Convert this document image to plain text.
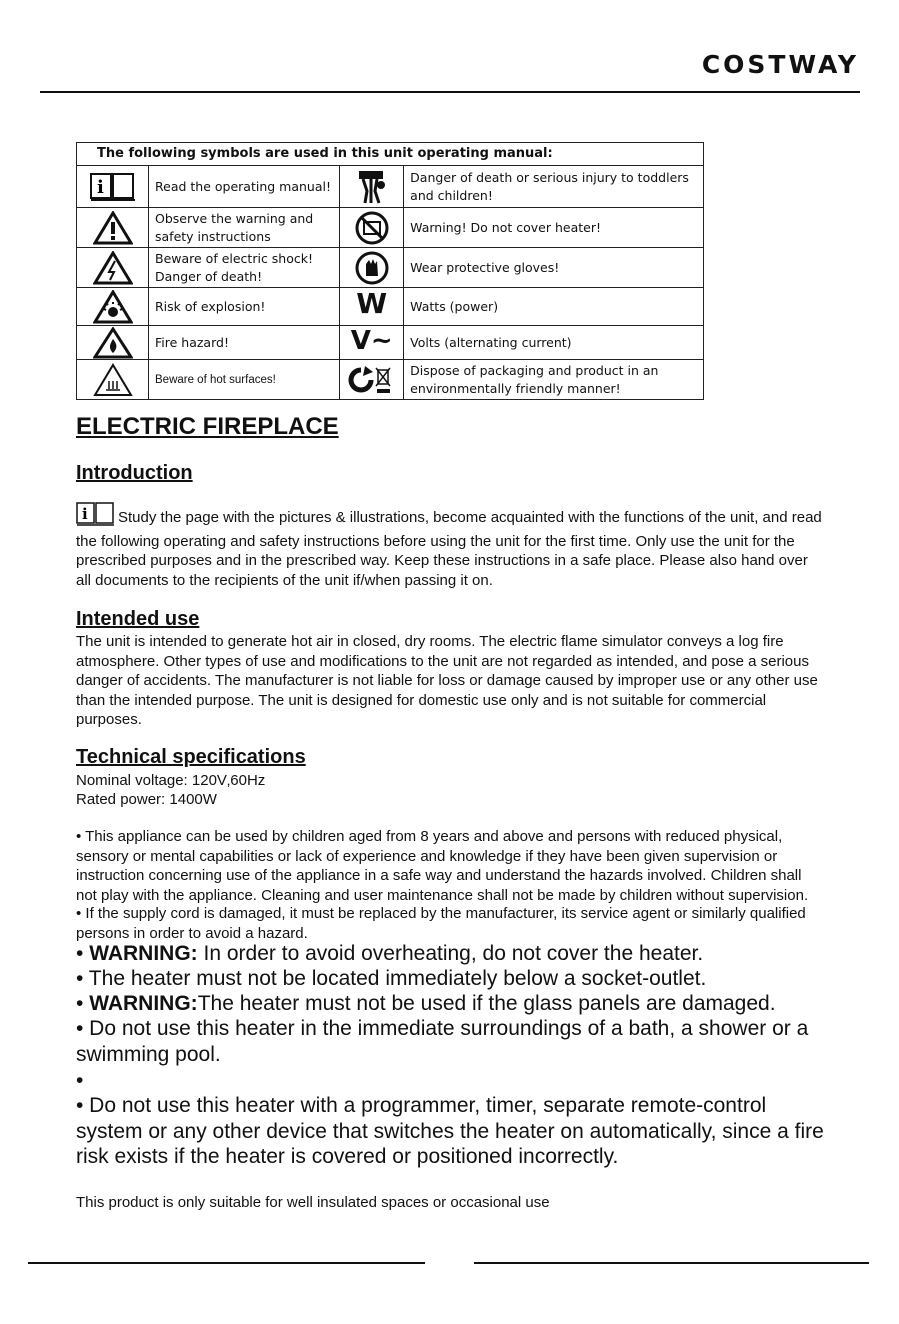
COSTWAY
The following symbols are used in this unit operating manual:			

i	Read the operating manual!		Danger of death or serious injury to toddlers and children!

	Observe the warning and safety instructions		Warning! Do not cover heater!

	Beware of electric shock! Danger of death!		Wear protective gloves!

	Risk of explosion!	W	Watts (power)

	Fire hazard!	V~	Volts (alternating current)

	Beware of hot surfaces!		Dispose of packaging and product in an environmentally friendly manner!
ELECTRIC FIREPLACE
Introduction

i Study the page with the pictures & illustrations, become acquainted with the functions of the unit, and read the following operating and safety instructions before using the unit for the first time. Only use the unit for the prescribed purposes and in the prescribed way. Keep these instructions in a safe place. Please also hand over all documents to the recipients of the unit if/when passing it on.

Intended use

The unit is intended to generate hot air in closed, dry rooms. The electric flame simulator conveys a log fire atmosphere. Other types of use and modifications to the unit are not regarded as intended, and pose a serious danger of accidents. The manufacturer is not liable for loss or damage caused by improper use or any other use than the intended purpose. The unit is designed for domestic use only and is not suitable for commercial purposes.

Technical specifications

Nominal voltage: 120V‚60Hz

Rated power: 1400W

• This appliance can be used by children aged from 8 years and above and persons with reduced physical, sensory or mental capabilities or lack of experience and knowledge if they have been given supervision or instruction concerning use of the appliance in a safe way and understand the hazards involved. Children shall not play with the appliance. Cleaning and user maintenance shall not be made by children without supervision.

• If the supply cord is damaged, it must be replaced by the manufacturer, its service agent or similarly qualified persons in order to avoid a hazard.

• WARNING: In order to avoid overheating, do not cover the heater.

• The heater must not be located immediately below a socket-outlet.

• WARNING:The heater must not be used if the glass panels are damaged.

• Do not use this heater in the immediate surroundings of a bath, a shower or a swimming pool.

•

• Do not use this heater with a programmer, timer, separate remote-control system or any other device that switches the heater on automatically, since a fire risk exists if the heater is covered or positioned incorrectly.

This product is only suitable for well insulated spaces or occasional use
